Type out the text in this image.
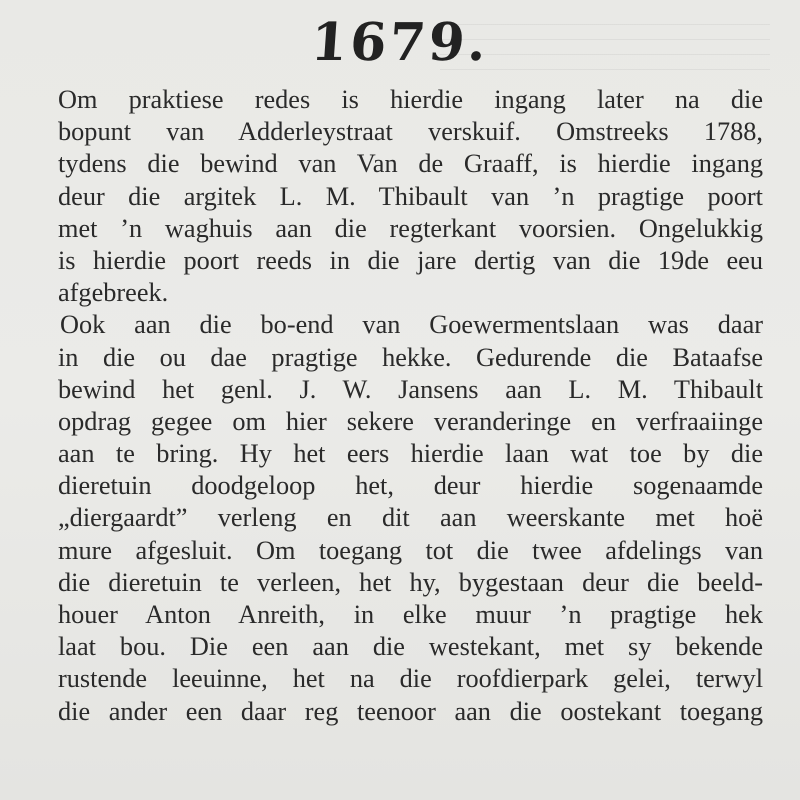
1679.
Om praktiese redes is hierdie ingang later na die
bopunt van Adderleystraat verskuif. Omstreeks 1788,
tydens die bewind van Van de Graaff, is hierdie ingang
deur die argitek L. M. Thibault van ’n pragtige poort
met ’n waghuis aan die regterkant voorsien. Ongelukkig
is hierdie poort reeds in die jare dertig van die 19de eeu
afgebreek.
Ook aan die bo-end van Goewermentslaan was daar
in die ou dae pragtige hekke. Gedurende die Bataafse
bewind het genl. J. W. Jansens aan L. M. Thibault
opdrag gegee om hier sekere veranderinge en verfraaiinge
aan te bring. Hy het eers hierdie laan wat toe by die
dieretuin doodgeloop het, deur hierdie sogenaamde
„diergaardt” verleng en dit aan weerskante met hoë
mure afgesluit. Om toegang tot die twee afdelings van
die dieretuin te verleen, het hy, bygestaan deur die beeld-
houer Anton Anreith, in elke muur ’n pragtige hek
laat bou. Die een aan die westekant, met sy bekende
rustende leeuinne, het na die roofdierpark gelei, terwyl
die ander een daar reg teenoor aan die oostekant toegang
